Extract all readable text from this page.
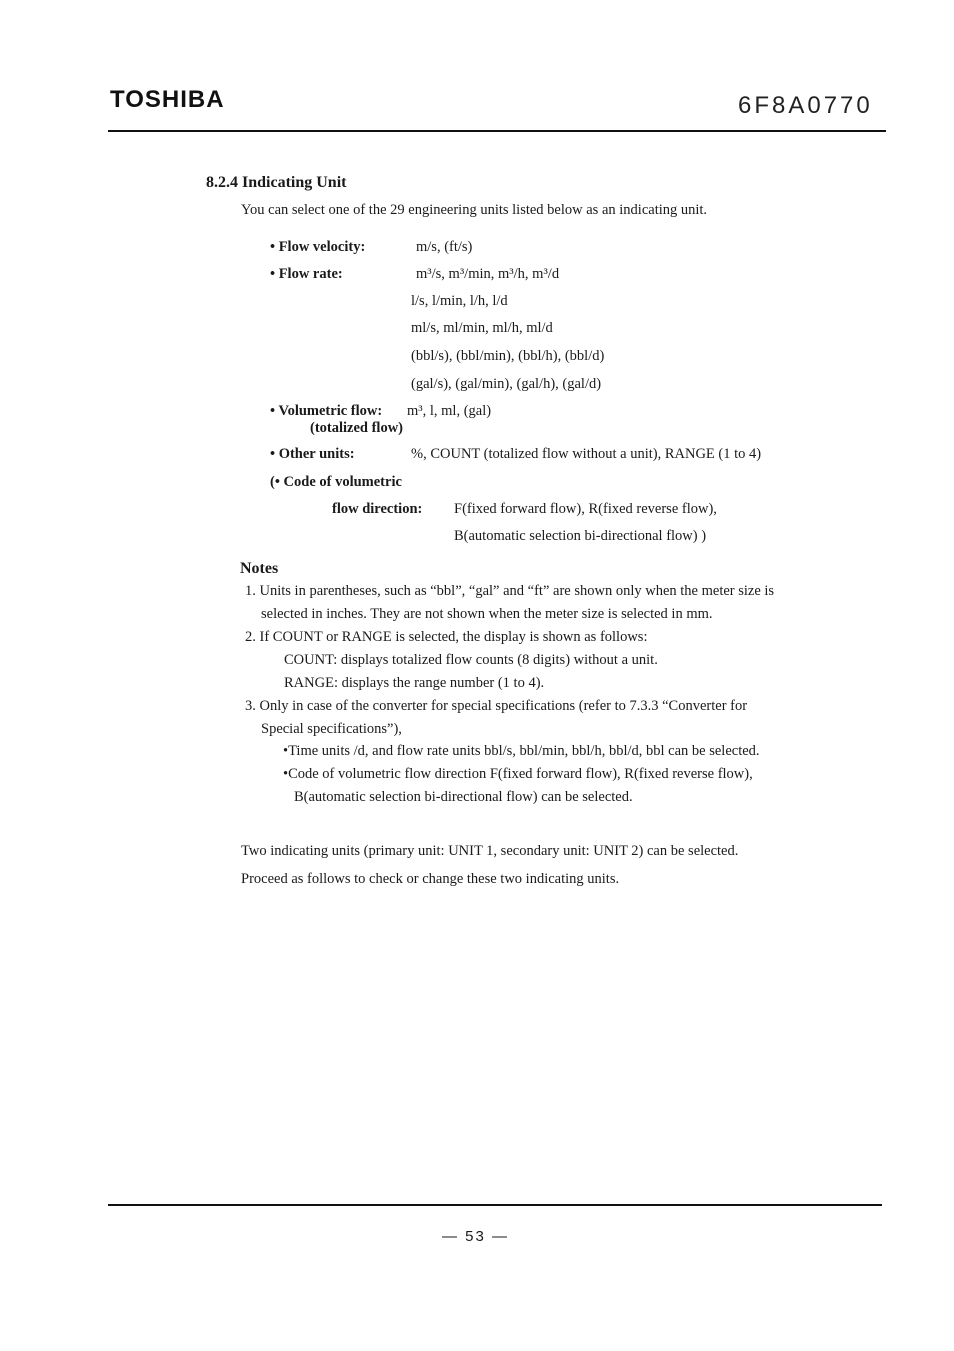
TOSHIBA	6F8A0770
8.2.4 Indicating Unit
You can select one of the 29 engineering units listed below as an indicating unit.
• Flow velocity:	m/s, (ft/s)
• Flow rate:	m³/s, m³/min, m³/h, m³/d
l/s, l/min, l/h, l/d
ml/s, ml/min, ml/h, ml/d
(bbl/s), (bbl/min), (bbl/h), (bbl/d)
(gal/s), (gal/min), (gal/h), (gal/d)
• Volumetric flow: m³, l, ml, (gal)
(totalized flow)
• Other units:	%, COUNT (totalized flow without a unit), RANGE (1 to 4)
(• Code of volumetric
flow direction: F(fixed forward flow), R(fixed reverse flow),
B(automatic selection bi-directional flow) )
Notes
1. Units in parentheses, such as “bbl”, “gal” and “ft” are shown only when the meter size is
selected in inches. They are not shown when the meter size is selected in mm.
2. If COUNT or RANGE is selected, the display is shown as follows:
COUNT: displays totalized flow counts (8 digits) without a unit.
RANGE: displays the range number (1 to 4).
3. Only in case of the converter for special specifications (refer to 7.3.3 “Converter for
Special specifications”),
•Time units /d, and flow rate units bbl/s, bbl/min, bbl/h, bbl/d, bbl can be selected.
•Code of volumetric flow direction F(fixed forward flow), R(fixed reverse flow),
B(automatic selection bi-directional flow) can be selected.
Two indicating units (primary unit: UNIT 1, secondary unit: UNIT 2) can be selected.
Proceed as follows to check or change these two indicating units.
— 53 —
